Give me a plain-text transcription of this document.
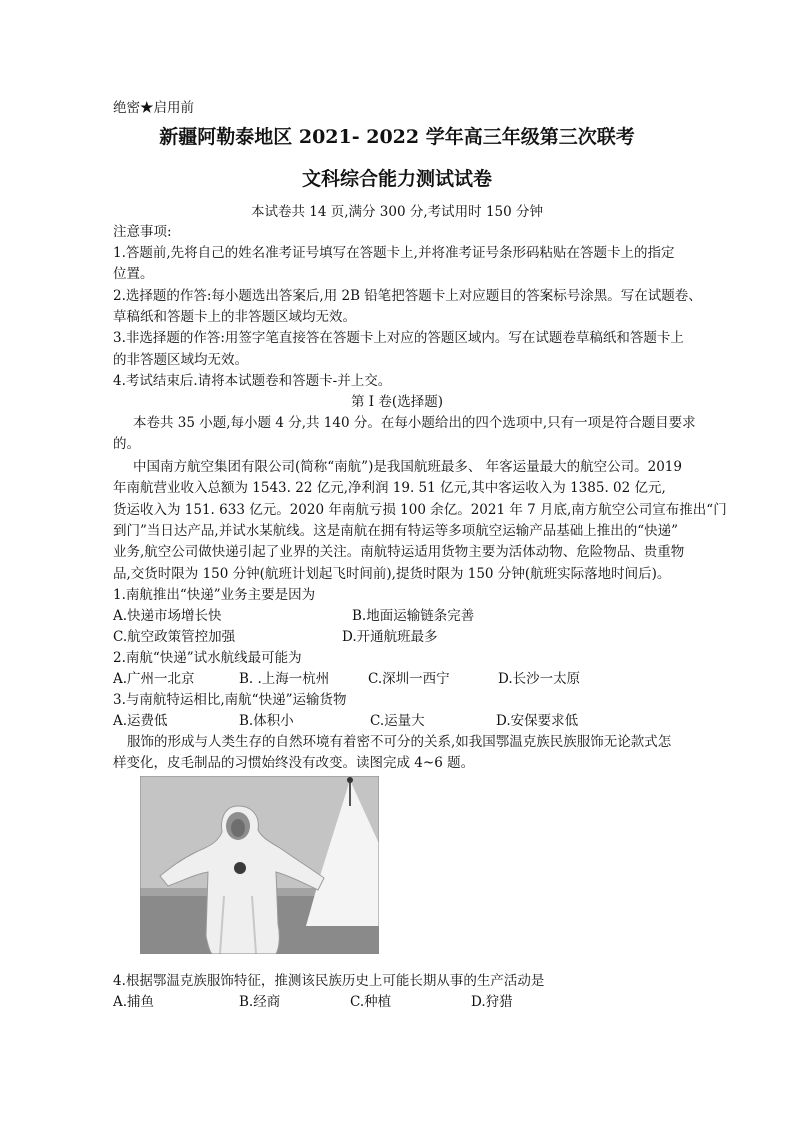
绝密★启用前
新疆阿勒泰地区 2021- 2022 学年高三年级第三次联考
文科综合能力测试试卷
本试卷共 14 页,满分 300 分,考试用时 150 分钟
注意事项:
1.答题前,先将自己的姓名准考证号填写在答题卡上,并将准考证号条形码粘贴在答题卡上的指定
位置。
2.选择题的作答:每小题选出答案后,用 2B 铅笔把答题卡上对应题目的答案标号涂黑。写在试题卷、
草稿纸和答题卡上的非答题区域均无效。
3.非选择题的作答:用签字笔直接答在答题卡上对应的答题区域内。写在试题卷草稿纸和答题卡上
的非答题区域均无效。
4.考试结束后.请将本试题卷和答题卡-并上交。
第 I 卷(选择题)
本卷共 35 小题,每小题 4 分,共 140 分。在每小题给出的四个选项中,只有一项是符合题目要求
的。
中国南方航空集团有限公司(简称“南航”)是我国航班最多、 年客运量最大的航空公司。2019
年南航营业收入总额为 1543. 22 亿元,净利润 19. 51 亿元,其中客运收入为 1385. 02 亿元,
货运收入为 151. 633 亿元。2020 年南航亏损 100 余亿。2021 年 7 月底,南方航空公司宣布推出“门
到门”当日达产品,并试水某航线。这是南航在拥有特运等多项航空运输产品基础上推出的“快递”
业务,航空公司做快递引起了业界的关注。南航特运适用货物主要为活体动物、危险物品、贵重物
品,交货时限为 150 分钟(航班计划起飞时间前),提货时限为 150 分钟(航班实际落地时间后)。
1.南航推出“快递”业务主要是因为
A.快递市场增长快	B.地面运输链条完善
C.航空政策管控加强	D.开通航班最多
2.南航“快递”试水航线最可能为
A.广州一北京	B. .上海一杭州	C.深圳一西宁	D.长沙一太原
3.与南航特运相比,南航“快递”运输货物
A.运费低	B.体积小	C.运量大	D.安保要求低
服饰的形成与人类生存的自然环境有着密不可分的关系,如我国鄂温克族民族服饰无论款式怎
样变化，皮毛制品的习惯始终没有改变。读图完成 4~6 题。
4.根据鄂温克族服饰特征，推测该民族历史上可能长期从事的生产活动是
A.捕鱼	B.经商	C.种植	D.狩猎
